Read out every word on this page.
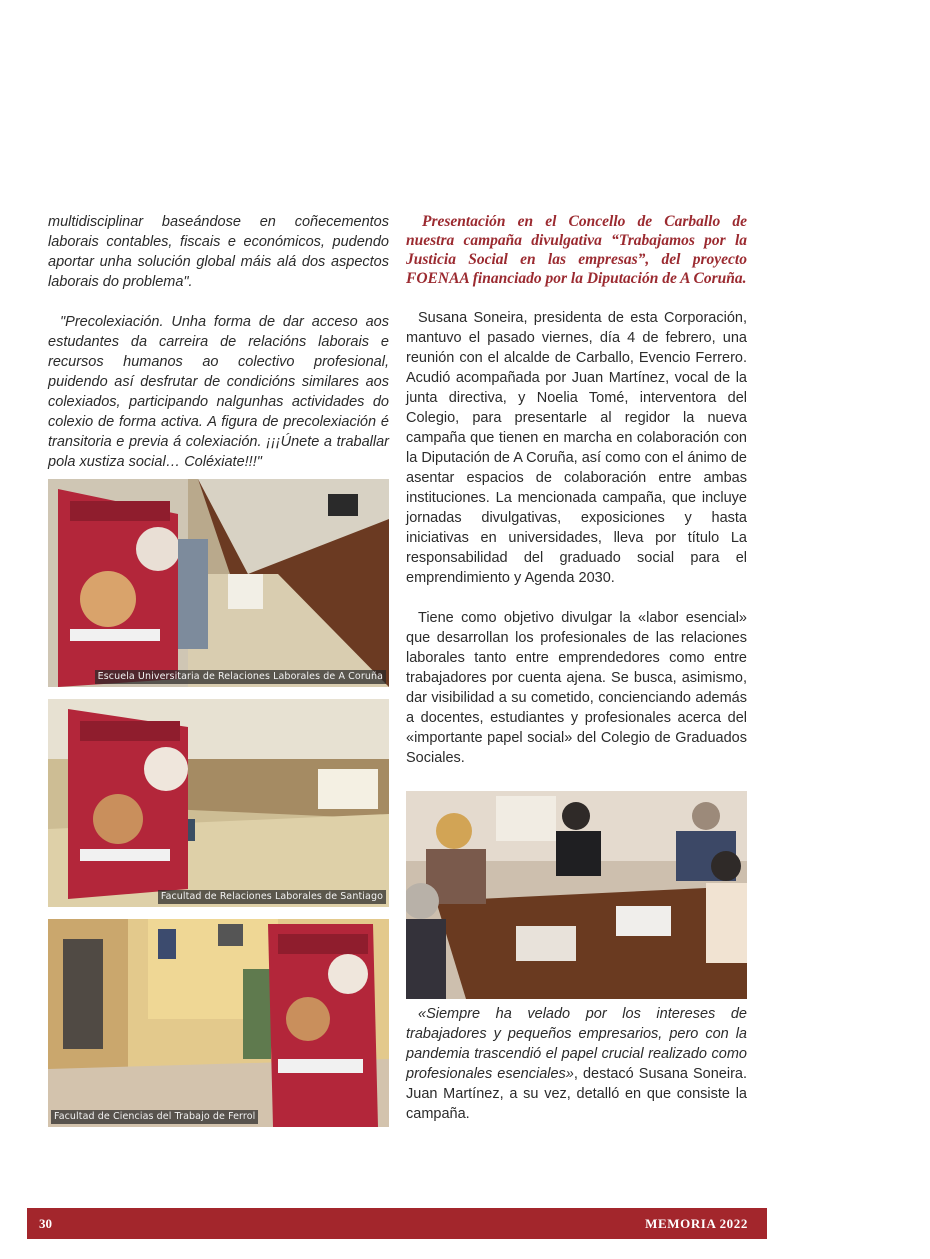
multidisciplinar baseándose en coñecementos laborais contables, fiscais e económicos, pudendo aportar unha solución global máis alá dos aspectos laborais do problema".

"Precolexiación. Unha forma de dar acceso aos estudantes da carreira de relacións laborais e recursos humanos ao colectivo profesional, puidendo así desfrutar de condicións similares aos colexiados, participando nalgunhas actividades do colexio de forma activa. A figura de precolexiación é transitoria e previa á colexiación. ¡¡¡Únete a traballar pola xustiza social… Coléxiate!!!"

Escuela Universitaria de Relaciones Laborales de A Coruña
Facultad de Relaciones Laborales de Santiago
Facultad de Ciencias del Trabajo de Ferrol

Presentación en el Concello de Carballo de nuestra campaña divulgativa “Trabajamos por la Justicia Social en las empresas”, del proyecto FOENAA financiado por la Diputación de A Coruña.

Susana Soneira, presidenta de esta Corporación, mantuvo el pasado viernes, día 4 de febrero, una reunión con el alcalde de Carballo, Evencio Ferrero. Acudió acompañada por Juan Martínez, vocal de la junta directiva, y Noelia Tomé, interventora del Colegio, para presentarle al regidor la nueva campaña que tienen en marcha en colaboración con la Diputación de A Coruña, así como con el ánimo de asentar espacios de colaboración entre ambas instituciones. La mencionada campaña, que incluye jornadas divulgativas, exposiciones y hasta iniciativas en universidades, lleva por título La responsabilidad del graduado social para el emprendimiento y Agenda 2030.

Tiene como objetivo divulgar la «labor esencial» que desarrollan los profesionales de las relaciones laborales tanto entre emprendedores como entre trabajadores por cuenta ajena. Se busca, asimismo, dar visibilidad a su cometido, concienciando además a docentes, estudiantes y profesionales acerca del «importante papel social» del Colegio de Graduados Sociales.

«Siempre ha velado por los intereses de trabajadores y pequeños empresarios, pero con la pandemia trascendió el papel crucial realizado como profesionales esenciales», destacó Susana Soneira. Juan Martínez, a su vez, detalló en que consiste la campaña.

30	MEMORIA 2022
